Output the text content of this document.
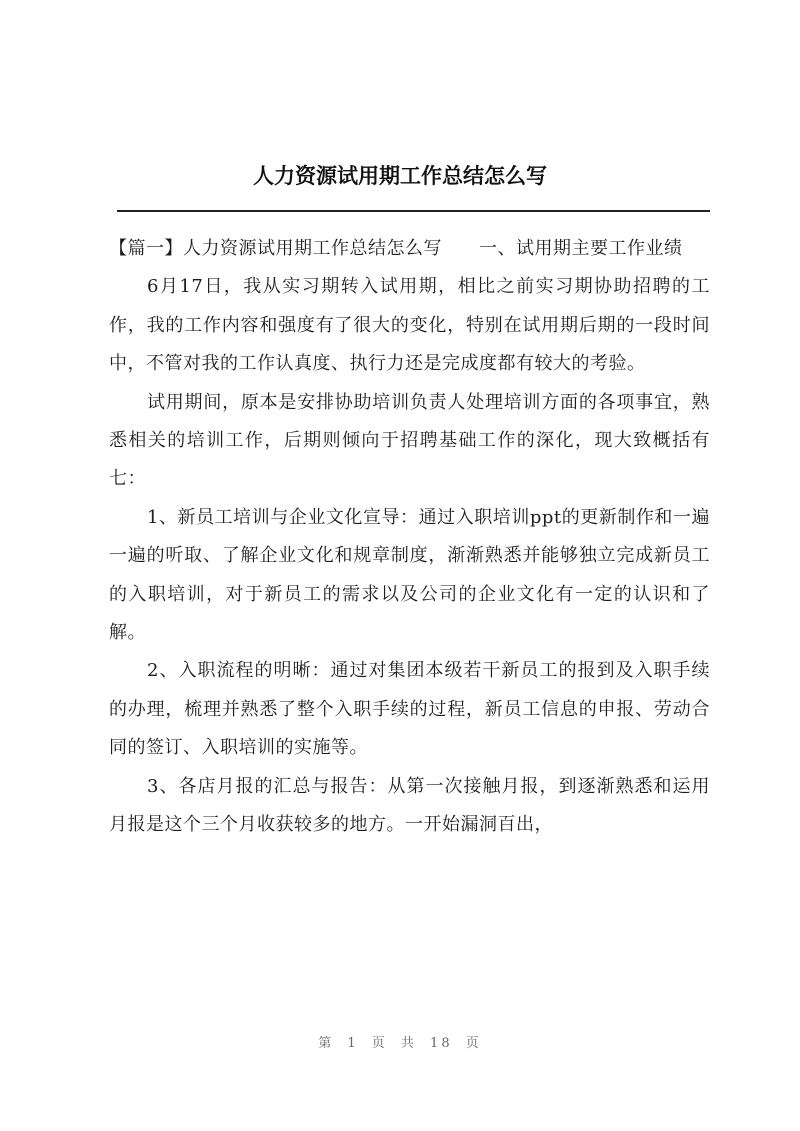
人力资源试用期工作总结怎么写

【篇一】人力资源试用期工作总结怎么写　　一、试用期主要工作业绩

6月17日，我从实习期转入试用期，相比之前实习期协助招聘的工作，我的工作内容和强度有了很大的变化，特别在试用期后期的一段时间中，不管对我的工作认真度、执行力还是完成度都有较大的考验。

试用期间，原本是安排协助培训负责人处理培训方面的各项事宜，熟悉相关的培训工作，后期则倾向于招聘基础工作的深化，现大致概括有七：

1、新员工培训与企业文化宣导：通过入职培训ppt的更新制作和一遍一遍的听取、了解企业文化和规章制度，渐渐熟悉并能够独立完成新员工的入职培训，对于新员工的需求以及公司的企业文化有一定的认识和了解。

2、入职流程的明晰：通过对集团本级若干新员工的报到及入职手续的办理，梳理并熟悉了整个入职手续的过程，新员工信息的申报、劳动合同的签订、入职培训的实施等。

3、各店月报的汇总与报告：从第一次接触月报，到逐渐熟悉和运用月报是这个三个月收获较多的地方。一开始漏洞百出，

第 1 页 共 18 页
